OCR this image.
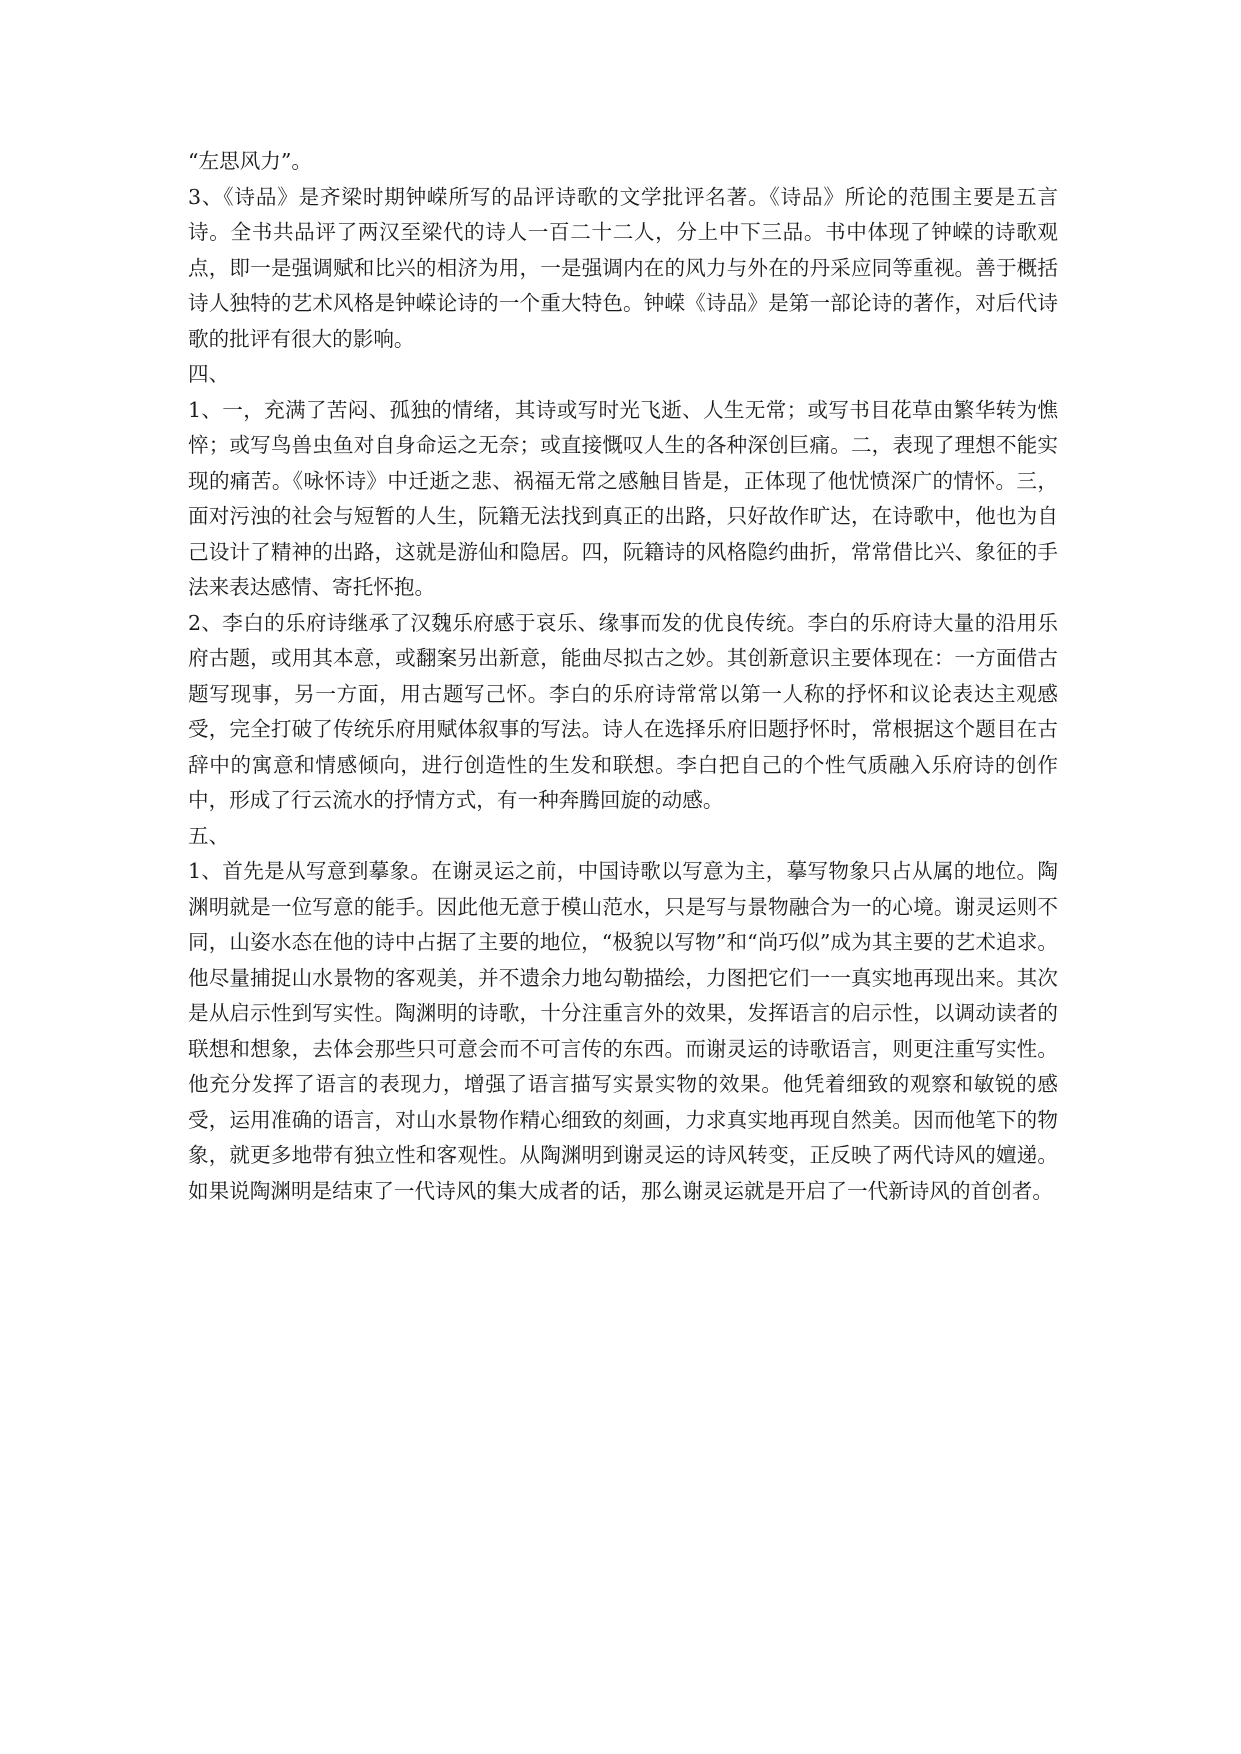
“左思风力”。

3、《诗品》是齐梁时期钟嵘所写的品评诗歌的文学批评名著。《诗品》所论的范围主要是五言诗。全书共品评了两汉至梁代的诗人一百二十二人，分上中下三品。书中体现了钟嵘的诗歌观点，即一是强调赋和比兴的相济为用，一是强调内在的风力与外在的丹采应同等重视。善于概括诗人独特的艺术风格是钟嵘论诗的一个重大特色。钟嵘《诗品》是第一部论诗的著作，对后代诗歌的批评有很大的影响。

四、

1、一，充满了苦闷、孤独的情绪，其诗或写时光飞逝、人生无常；或写书目花草由繁华转为憔悴；或写鸟兽虫鱼对自身命运之无奈；或直接慨叹人生的各种深创巨痛。二，表现了理想不能实现的痛苦。《咏怀诗》中迁逝之悲、祸福无常之感触目皆是，正体现了他忧愤深广的情怀。三，面对污浊的社会与短暂的人生，阮籍无法找到真正的出路，只好故作旷达，在诗歌中，他也为自己设计了精神的出路，这就是游仙和隐居。四，阮籍诗的风格隐约曲折，常常借比兴、象征的手法来表达感情、寄托怀抱。

2、李白的乐府诗继承了汉魏乐府感于哀乐、缘事而发的优良传统。李白的乐府诗大量的沿用乐府古题，或用其本意，或翻案另出新意，能曲尽拟古之妙。其创新意识主要体现在：一方面借古题写现事，另一方面，用古题写己怀。李白的乐府诗常常以第一人称的抒怀和议论表达主观感受，完全打破了传统乐府用赋体叙事的写法。诗人在选择乐府旧题抒怀时，常根据这个题目在古辞中的寓意和情感倾向，进行创造性的生发和联想。李白把自己的个性气质融入乐府诗的创作中，形成了行云流水的抒情方式，有一种奔腾回旋的动感。

五、

1、首先是从写意到摹象。在谢灵运之前，中国诗歌以写意为主，摹写物象只占从属的地位。陶渊明就是一位写意的能手。因此他无意于模山范水，只是写与景物融合为一的心境。谢灵运则不同，山姿水态在他的诗中占据了主要的地位，“极貌以写物”和“尚巧似”成为其主要的艺术追求。他尽量捕捉山水景物的客观美，并不遗余力地勾勒描绘，力图把它们一一真实地再现出来。其次是从启示性到写实性。陶渊明的诗歌，十分注重言外的效果，发挥语言的启示性，以调动读者的联想和想象，去体会那些只可意会而不可言传的东西。而谢灵运的诗歌语言，则更注重写实性。他充分发挥了语言的表现力，增强了语言描写实景实物的效果。他凭着细致的观察和敏锐的感受，运用准确的语言，对山水景物作精心细致的刻画，力求真实地再现自然美。因而他笔下的物象，就更多地带有独立性和客观性。从陶渊明到谢灵运的诗风转变，正反映了两代诗风的嬗递。如果说陶渊明是结束了一代诗风的集大成者的话，那么谢灵运就是开启了一代新诗风的首创者。
